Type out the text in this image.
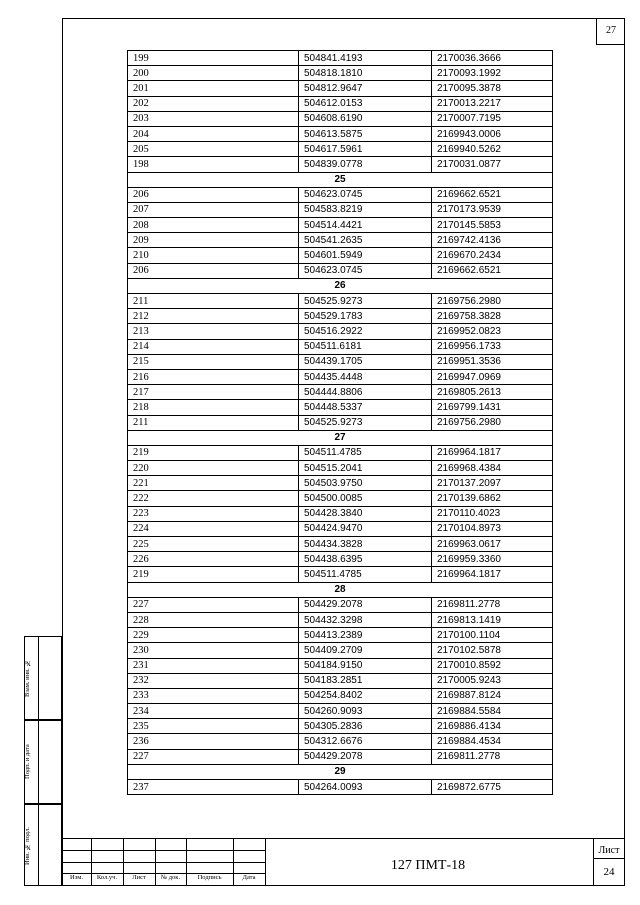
27
199	504841.4193	2170036.3666
200	504818.1810	2170093.1992
201	504812.9647	2170095.3878
202	504612.0153	2170013.2217
203	504608.6190	2170007.7195
204	504613.5875	2169943.0006
205	504617.5961	2169940.5262
198	504839.0778	2170031.0877
25		
206	504623.0745	2169662.6521
207	504583.8219	2170173.9539
208	504514.4421	2170145.5853
209	504541.2635	2169742.4136
210	504601.5949	2169670.2434
206	504623.0745	2169662.6521
26		
211	504525.9273	2169756.2980
212	504529.1783	2169758.3828
213	504516.2922	2169952.0823
214	504511.6181	2169956.1733
215	504439.1705	2169951.3536
216	504435.4448	2169947.0969
217	504444.8806	2169805.2613
218	504448.5337	2169799.1431
211	504525.9273	2169756.2980
27		
219	504511.4785	2169964.1817
220	504515.2041	2169968.4384
221	504503.9750	2170137.2097
222	504500.0085	2170139.6862
223	504428.3840	2170110.4023
224	504424.9470	2170104.8973
225	504434.3828	2169963.0617
226	504438.6395	2169959.3360
219	504511.4785	2169964.1817
28		
227	504429.2078	2169811.2778
228	504432.3298	2169813.1419
229	504413.2389	2170100.1104
230	504409.2709	2170102.5878
231	504184.9150	2170010.8592
232	504183.2851	2170005.9243
233	504254.8402	2169887.8124
234	504260.9093	2169884.5584
235	504305.2836	2169886.4134
236	504312.6676	2169884.4534
227	504429.2078	2169811.2778
29		
237	504264.0093	2169872.6775
Взам. инв. №
Подп. и дата
Инв. № подл.
Изм.	Кол.уч.	Лист	№ док.	Подпись	Дата
127 ПМТ-18
Лист
24
